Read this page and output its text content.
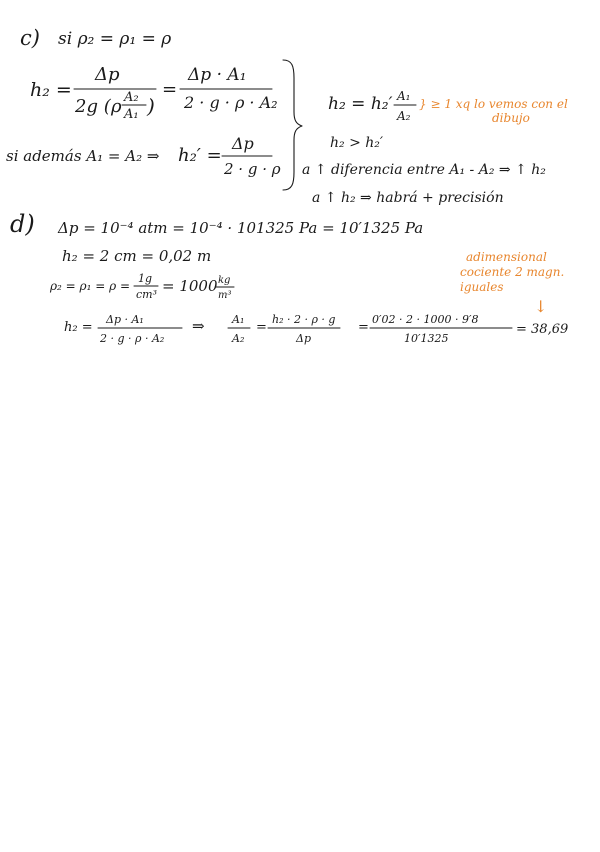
c) si ρ₂ = ρ₁ = ρ
h₂ =
Δp
2g ( ρ A₂
A₁ )
=
Δp · A₁
2 · g · ρ · A₂
si además A₁ = A₂ ⇒ h₂′ =
Δp
2 · g · ρ
h₂ = h₂′ A₁
A₂
} ≥ 1 xq lo vemos con el
dibujo
h₂ > h₂′
a ↑ diferencia entre A₁ - A₂ ⇒ ↑ h₂
a ↑ h₂ ⇒ habrá + precisión
d) Δp = 10⁻⁴ atm = 10⁻⁴ · 101325 Pa = 10′1325 Pa
h₂ = 2 cm = 0,02 m
ρ₂ = ρ₁ = ρ =
1g
cm³ = 1000 kg
m³
adimensional
cociente 2 magn.
iguales
↓
h₂ =
Δp · A₁
2 · g · ρ · A₂
⇒ A₁
A₂
=
h₂ · 2 · ρ · g
Δp
=
0′02 · 2 · 1000 · 9′8
10′1325
= 38,69
